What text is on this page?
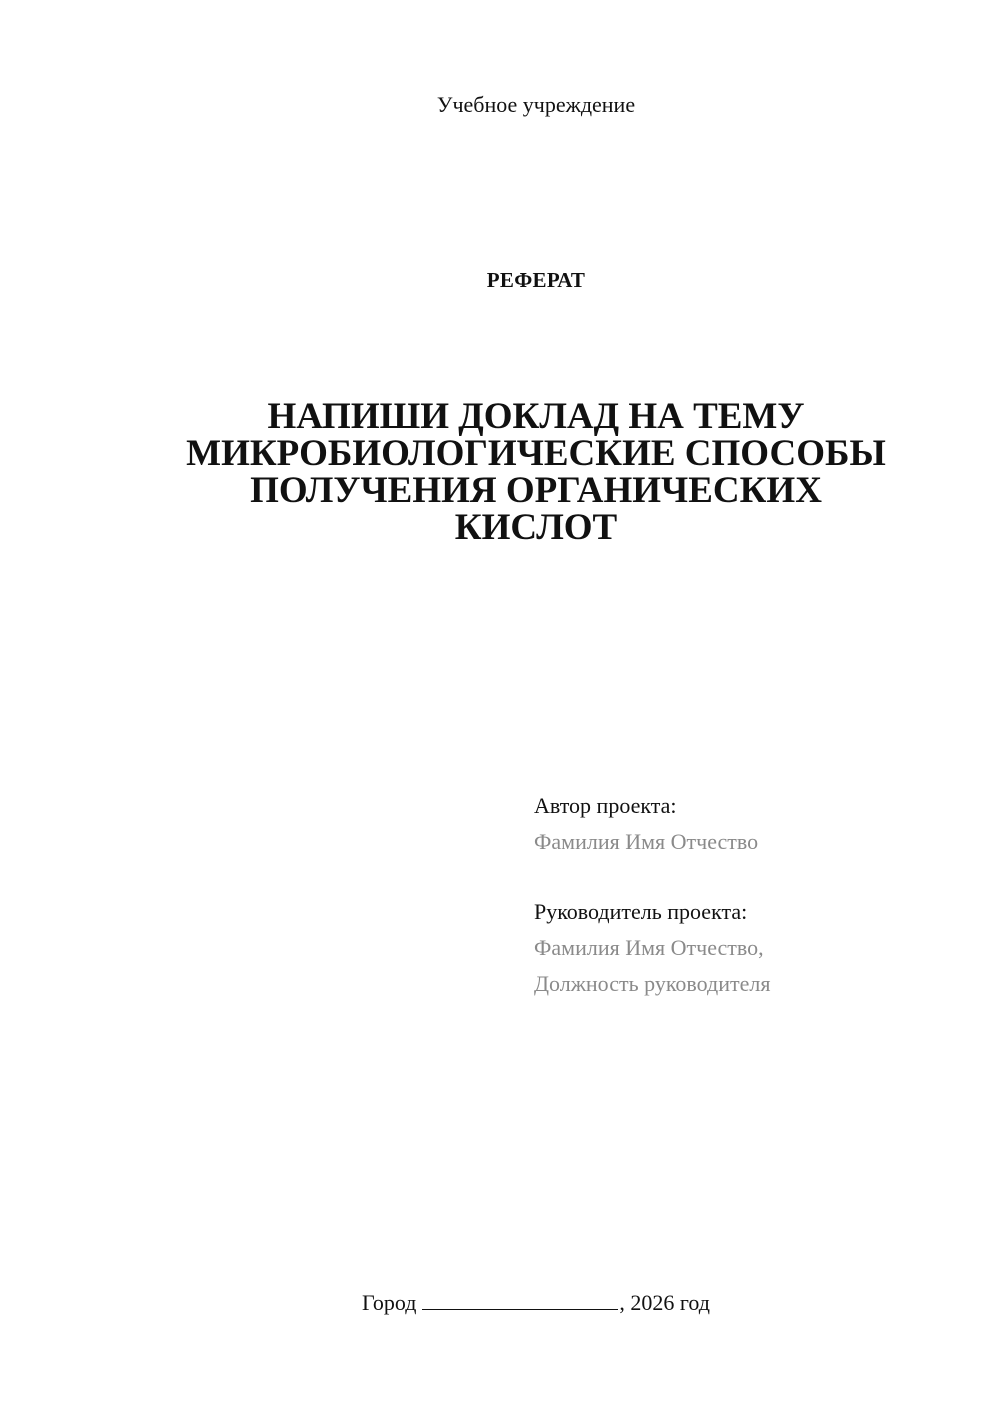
Учебное учреждение
РЕФЕРАТ
НАПИШИ ДОКЛАД НА ТЕМУ
МИКРОБИОЛОГИЧЕСКИЕ СПОСОБЫ
ПОЛУЧЕНИЯ ОРГАНИЧЕСКИХ
КИСЛОТ
Автор проекта:
Фамилия Имя Отчество
Руководитель проекта:
Фамилия Имя Отчество,
Должность руководителя
Город	, 2026 год
